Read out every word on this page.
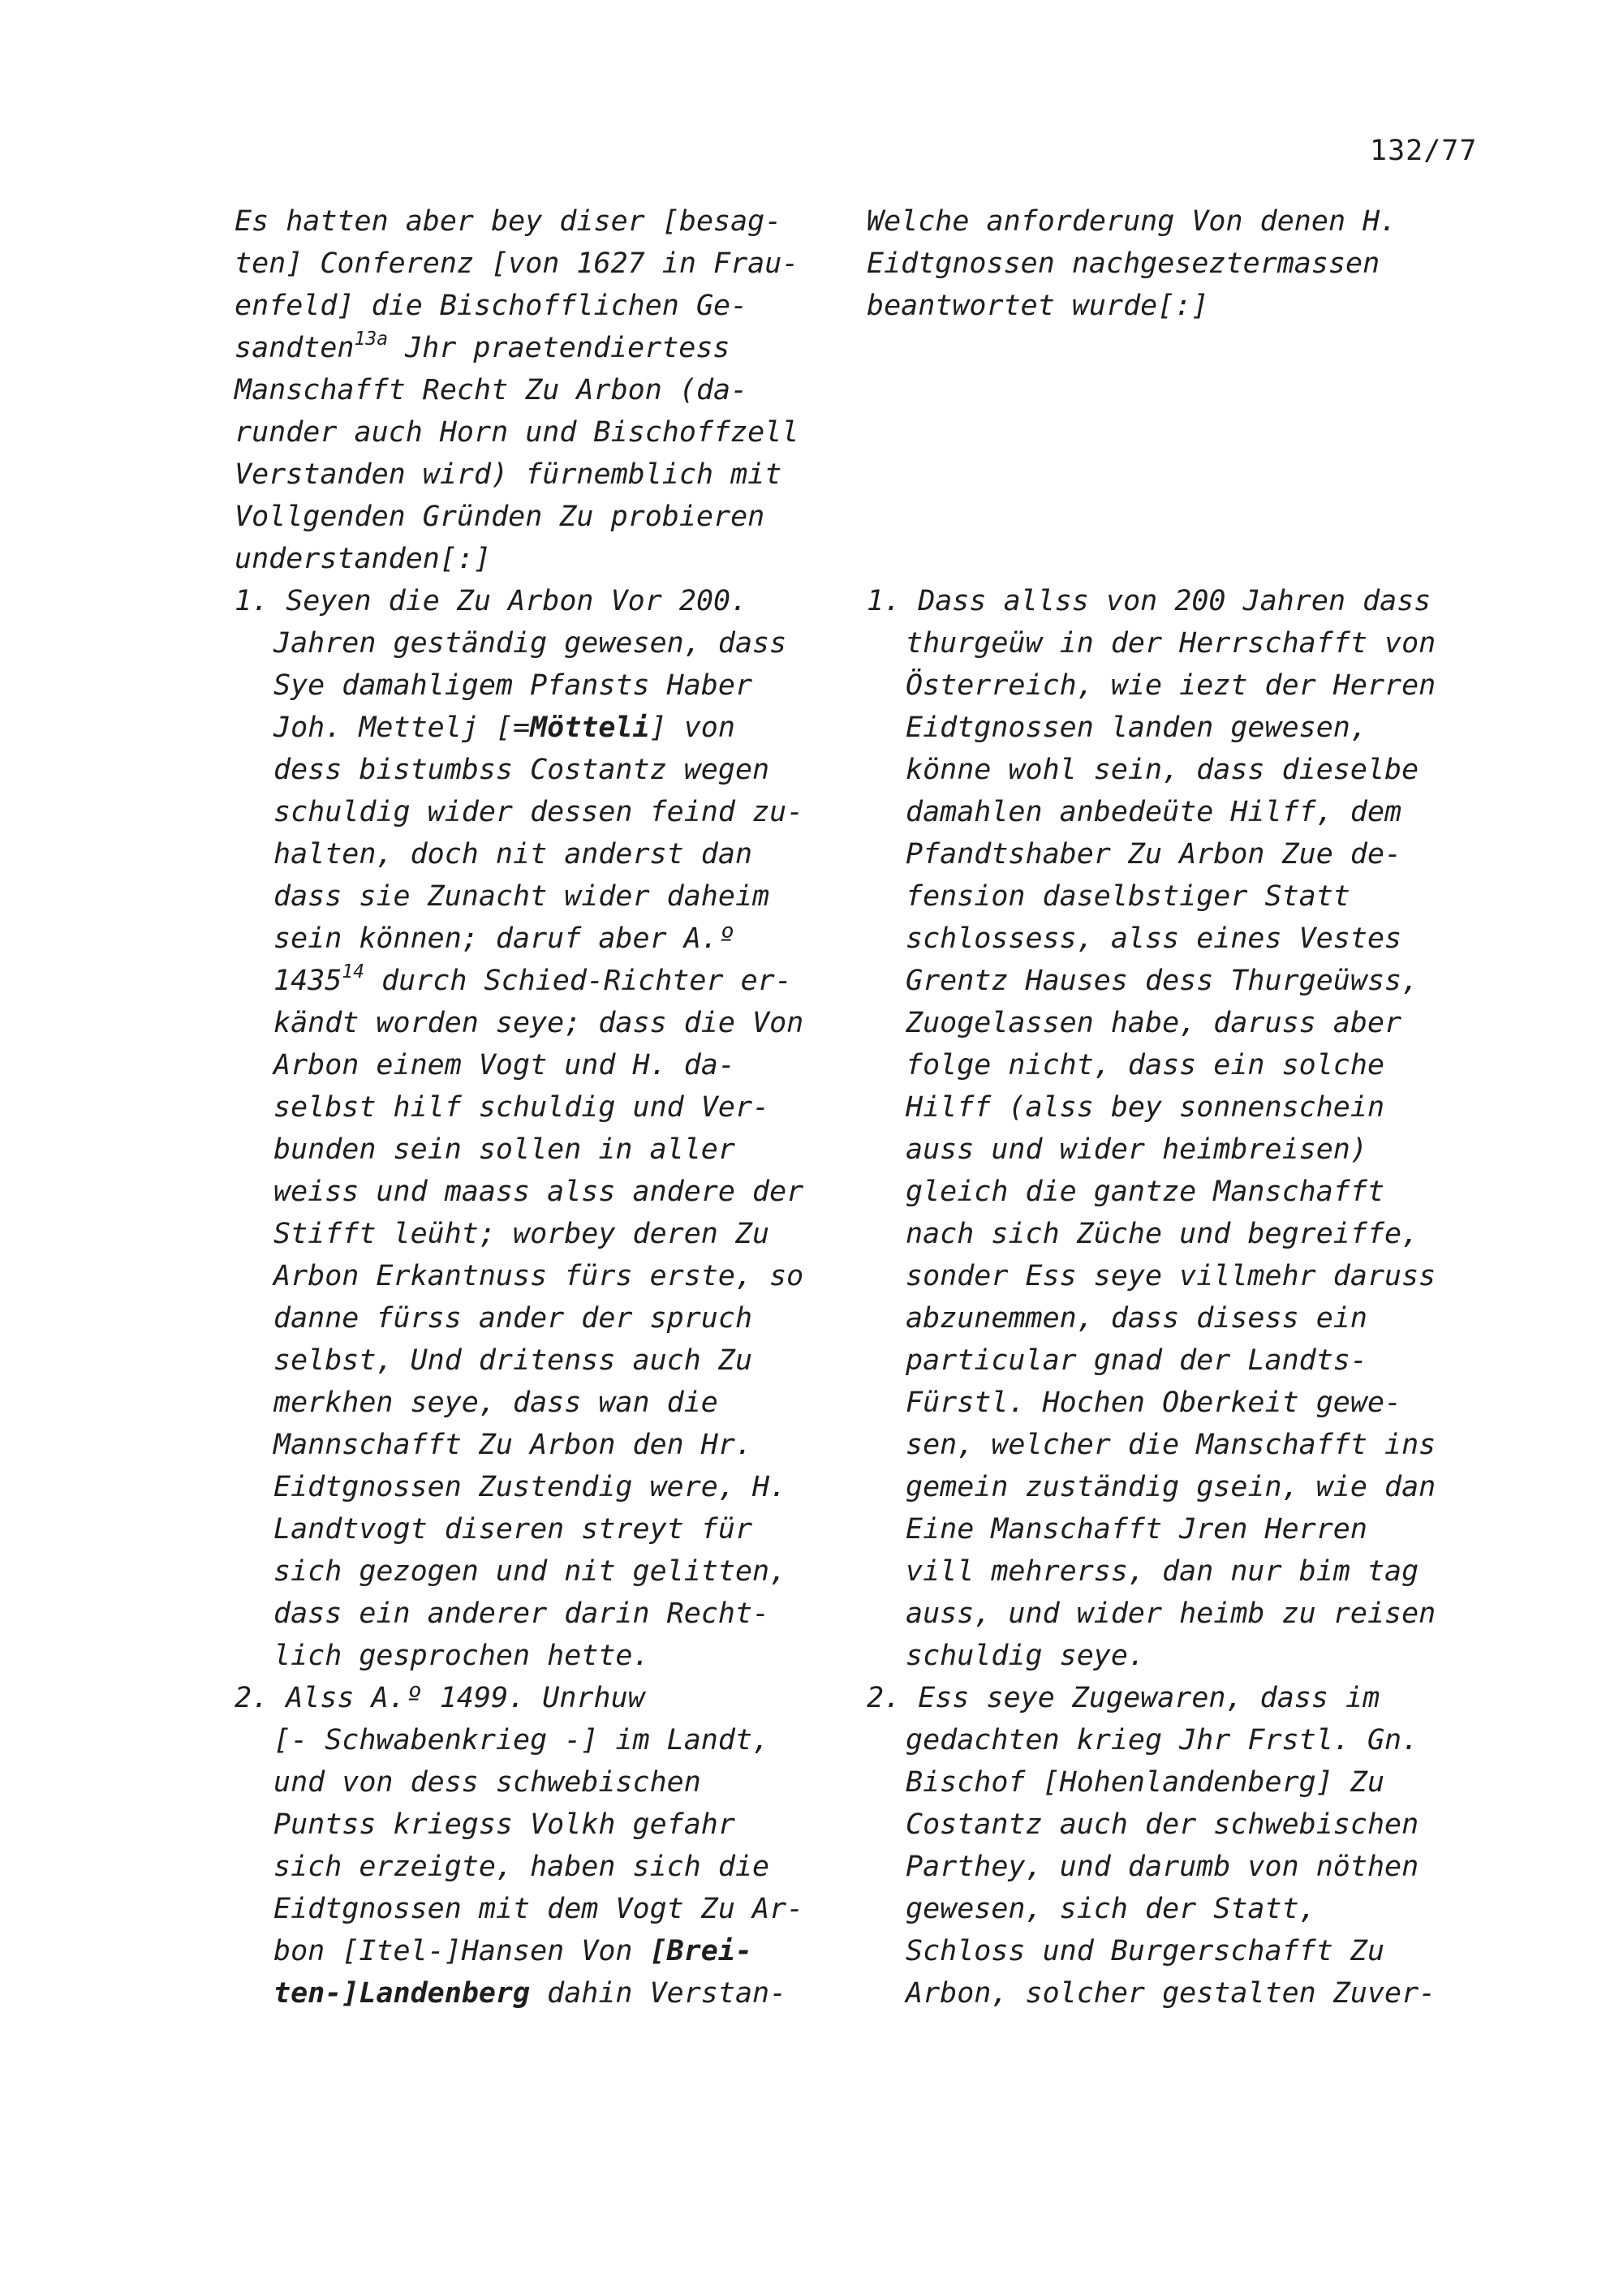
132/77
Es hatten aber bey diser [besag-
ten] Conferenz [von 1627 in Frau-
enfeld] die Bischofflichen Ge-
sandten$^{13a}$ Jhr praetendiertess
Manschafft Recht Zu Arbon (da-
runder auch Horn und Bischoffzell
Verstanden wird) fürnemblich mit
Vollgenden Gründen Zu probieren
understanden[:]
1. Seyen die Zu Arbon Vor 200.
Jahren geständig gewesen, dass
Sye damahligem Pfansts Haber
Joh. Mettelj [=Mötteli] von
dess bistumbss Costantz wegen
schuldig wider dessen feind zu-
halten, doch nit anderst dan
dass sie Zunacht wider daheim
sein können; daruf aber A.º
1435$^{14}$ durch Schied-Richter er-
kändt worden seye; dass die Von
Arbon einem Vogt und H. da-
selbst hilf schuldig und Ver-
bunden sein sollen in aller
weiss und maass alss andere der
Stifft leüht; worbey deren Zu
Arbon Erkantnuss fürs erste, so
danne fürss ander der spruch
selbst, Und dritenss auch Zu
merkhen seye, dass wan die
Mannschafft Zu Arbon den Hr.
Eidtgnossen Zustendig were, H.
Landtvogt diseren streyt für
sich gezogen und nit gelitten,
dass ein anderer darin Recht-
lich gesprochen hette.
2. Alss A.º 1499. Unrhuw
[- Schwabenkrieg -] im Landt,
und von dess schwebischen
Puntss kriegss Volkh gefahr
sich erzeigte, haben sich die
Eidtgnossen mit dem Vogt Zu Ar-
bon [Itel-]Hansen Von [Brei-
ten-]Landenberg dahin Verstan-
Welche anforderung Von denen H.
Eidtgnossen nachgeseztermassen
beantwortet wurde[:]
1. Dass allss von 200 Jahren dass
thurgeüw in der Herrschafft von
Österreich, wie iezt der Herren
Eidtgnossen landen gewesen,
könne wohl sein, dass dieselbe
damahlen anbedeüte Hilff, dem
Pfandtshaber Zu Arbon Zue de-
fension daselbstiger Statt
schlossess, alss eines Vestes
Grentz Hauses dess Thurgeüwss,
Zuogelassen habe, daruss aber
folge nicht, dass ein solche
Hilff (alss bey sonnenschein
auss und wider heimbreisen)
gleich die gantze Manschafft
nach sich Züche und begreiffe,
sonder Ess seye villmehr daruss
abzunemmen, dass disess ein
particular gnad der Landts-
Fürstl. Hochen Oberkeit gewe-
sen, welcher die Manschafft ins
gemein zuständig gsein, wie dan
Eine Manschafft Jren Herren
vill mehrerss, dan nur bim tag
auss, und wider heimb zu reisen
schuldig seye.
2. Ess seye Zugewaren, dass im
gedachten krieg Jhr Frstl. Gn.
Bischof [Hohenlandenberg] Zu
Costantz auch der schwebischen
Parthey, und darumb von nöthen
gewesen, sich der Statt,
Schloss und Burgerschafft Zu
Arbon, solcher gestalten Zuver-
